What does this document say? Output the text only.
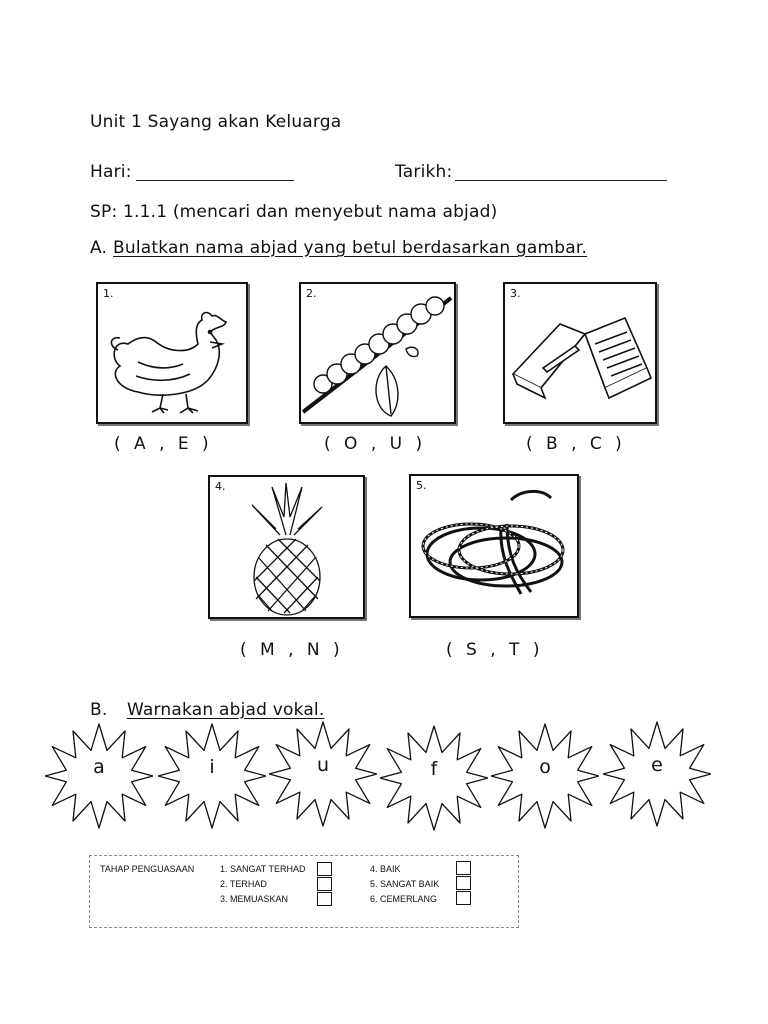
Unit 1 Sayang akan Keluarga
Hari:	Tarikh:
SP: 1.1.1 (mencari dan menyebut nama abjad)
A. Bulatkan nama abjad yang betul berdasarkan gambar.
1.
( A , E )
2.
( O , U )
3.
( B , C )
4.
( M , N )
5.
( S , T )
B. Warnakan abjad vokal.
a	i	u	f	o	e
TAHAP PENGUASAAN	1. SANGAT TERHAD
2. TERHAD
3. MEMUASKAN
4. BAIK
5. SANGAT BAIK
6. CEMERLANG
